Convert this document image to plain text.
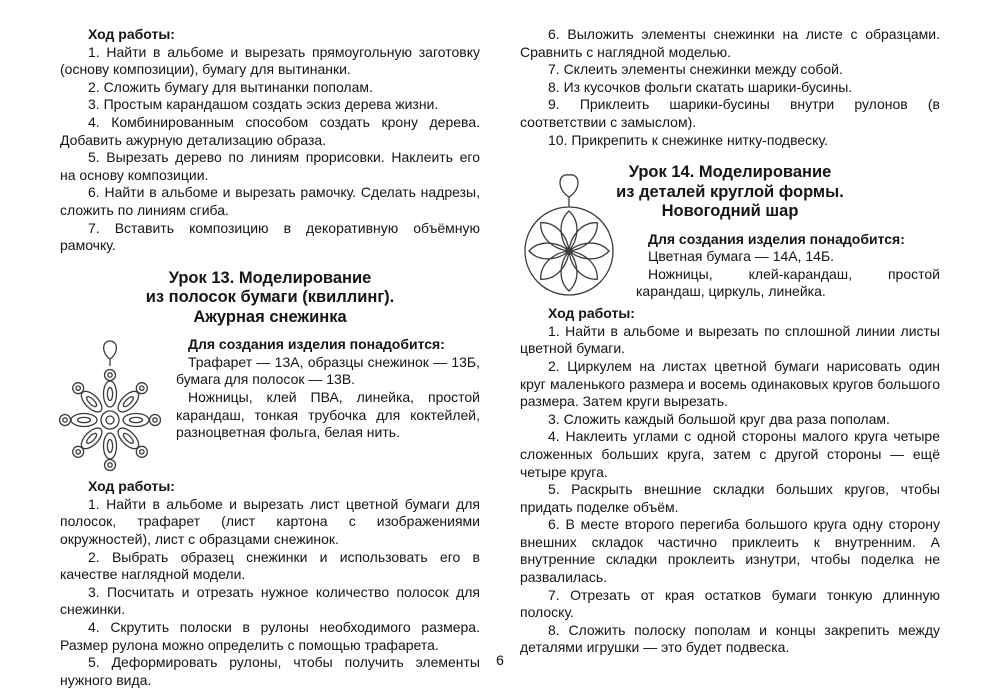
Ход работы:

1. Найти в альбоме и вырезать прямоугольную заготовку (основу композиции), бумагу для вытинанки.

2. Сложить бумагу для вытинанки пополам.

3. Простым карандашом создать эскиз дерева жизни.

4. Комбинированным способом создать крону дерева. Добавить ажурную детализацию образа.

5. Вырезать дерево по линиям прорисовки. Наклеить его на основу композиции.

6. Найти в альбоме и вырезать рамочку. Сделать надрезы, сложить по линиям сгиба.

7. Вставить композицию в декоративную объёмную рамочку.

Урок 13. Моделирование
из полосок бумаги (квиллинг).
Ажурная снежинка

Для создания изделия понадобится:

Трафарет — 13А, образцы снежинок — 13Б, бумага для полосок — 13В.

Ножницы, клей ПВА, линейка, простой карандаш, тонкая трубочка для коктейлей, разноцветная фольга, белая нить.

Ход работы:

1. Найти в альбоме и вырезать лист цветной бумаги для полосок, трафарет (лист картона с изображениями окружностей), лист с образцами снежинок.

2. Выбрать образец снежинки и использовать его в качестве наглядной модели.

3. Посчитать и отрезать нужное количество полосок для снежинки.

4. Скрутить полоски в рулоны необходимого размера. Размер рулона можно определить с помощью трафарета.

5. Деформировать рулоны, чтобы получить элементы нужного вида.

6. Выложить элементы снежинки на листе с образцами. Сравнить с наглядной моделью.

7. Склеить элементы снежинки между собой.

8. Из кусочков фольги скатать шарики-бусины.

9. Приклеить шарики-бусины внутри рулонов (в соответствии с замыслом).

10. Прикрепить к снежинке нитку-подвеску.

Урок 14. Моделирование
из деталей круглой формы.
Новогодний шар

Для создания изделия понадобится:

Цветная бумага — 14А, 14Б.

Ножницы, клей-карандаш, простой карандаш, циркуль, линейка.

Ход работы:

1. Найти в альбоме и вырезать по сплошной линии листы цветной бумаги.

2. Циркулем на листах цветной бумаги нарисовать один круг маленького размера и восемь одинаковых кругов большого размера. Затем круги вырезать.

3. Сложить каждый большой круг два раза пополам.

4. Наклеить углами с одной стороны малого круга четыре сложенных больших круга, затем с другой стороны — ещё четыре круга.

5. Раскрыть внешние складки больших кругов, чтобы придать поделке объём.

6. В месте второго перегиба большого круга одну сторону внешних складок частично приклеить к внутренним. А внутренние складки проклеить изнутри, чтобы поделка не развалилась.

7. Отрезать от края остатков бумаги тонкую длинную полоску.

8. Сложить полоску пополам и концы закрепить между деталями игрушки — это будет подвеска.

6
